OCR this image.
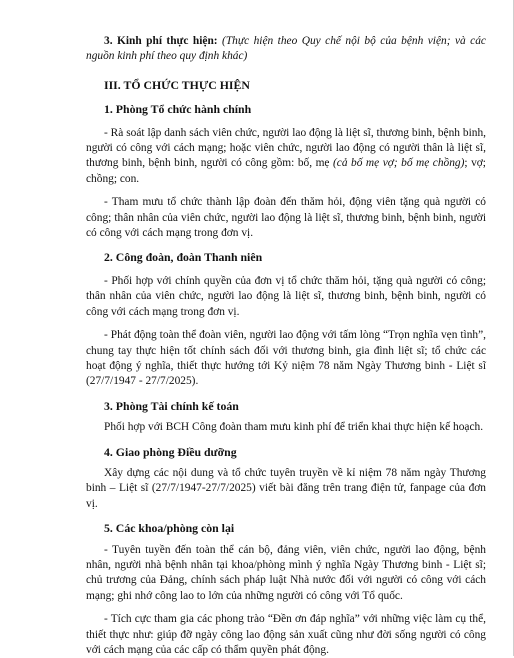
3. Kinh phí thực hiện: (Thực hiện theo Quy chế nội bộ của bệnh viện; và các nguồn kinh phí theo quy định khác)

III. TỔ CHỨC THỰC HIỆN
1. Phòng Tổ chức hành chính

- Rà soát lập danh sách viên chức, người lao động là liệt sĩ, thương binh, bệnh binh, người có công với cách mạng; hoặc viên chức, người lao động có người thân là liệt sĩ, thương binh, bệnh binh, người có công gồm: bố, mẹ (cả bố mẹ vợ; bố mẹ chồng); vợ; chồng; con.

- Tham mưu tổ chức thành lập đoàn đến thăm hỏi, động viên tặng quà người có công; thân nhân của viên chức, người lao động là liệt sĩ, thương binh, bệnh binh, người có công với cách mạng trong đơn vị.

2. Công đoàn, đoàn Thanh niên

- Phối hợp với chính quyền của đơn vị tổ chức thăm hỏi, tặng quà người có công; thân nhân của viên chức, người lao động là liệt sĩ, thương binh, bệnh binh, người có công với cách mạng trong đơn vị.

- Phát động toàn thể đoàn viên, người lao động với tấm lòng “Trọn nghĩa vẹn tình”, chung tay thực hiện tốt chính sách đối với thương binh, gia đình liệt sĩ; tổ chức các hoạt động ý nghĩa, thiết thực hướng tới Kỷ niệm 78 năm Ngày Thương binh - Liệt sĩ (27/7/1947 - 27/7/2025).

3. Phòng Tài chính kế toán

Phối hợp với BCH Công đoàn tham mưu kinh phí để triển khai thực hiện kế hoạch.

4. Giao phòng Điều dưỡng

Xây dựng các nội dung và tổ chức tuyên truyền về kỉ niệm 78 năm ngày Thương binh – Liệt sĩ (27/7/1947-27/7/2025) viết bài đăng trên trang điện tử, fanpage của đơn vị.

5. Các khoa/phòng còn lại

- Tuyên tuyền đến toàn thể cán bộ, đảng viên, viên chức, người lao động, bệnh nhân, người nhà bệnh nhân tại khoa/phòng mình ý nghĩa Ngày Thương binh - Liệt sĩ; chủ trương của Đảng, chính sách pháp luật Nhà nước đối với người có công với cách mạng; ghi nhớ công lao to lớn của những người có công với Tổ quốc.

- Tích cực tham gia các phong trào “Đền ơn đáp nghĩa” với những việc làm cụ thể, thiết thực như: giúp đỡ ngày công lao động sản xuất cũng như đời sống người có công với cách mạng của các cấp có thẩm quyền phát động.
